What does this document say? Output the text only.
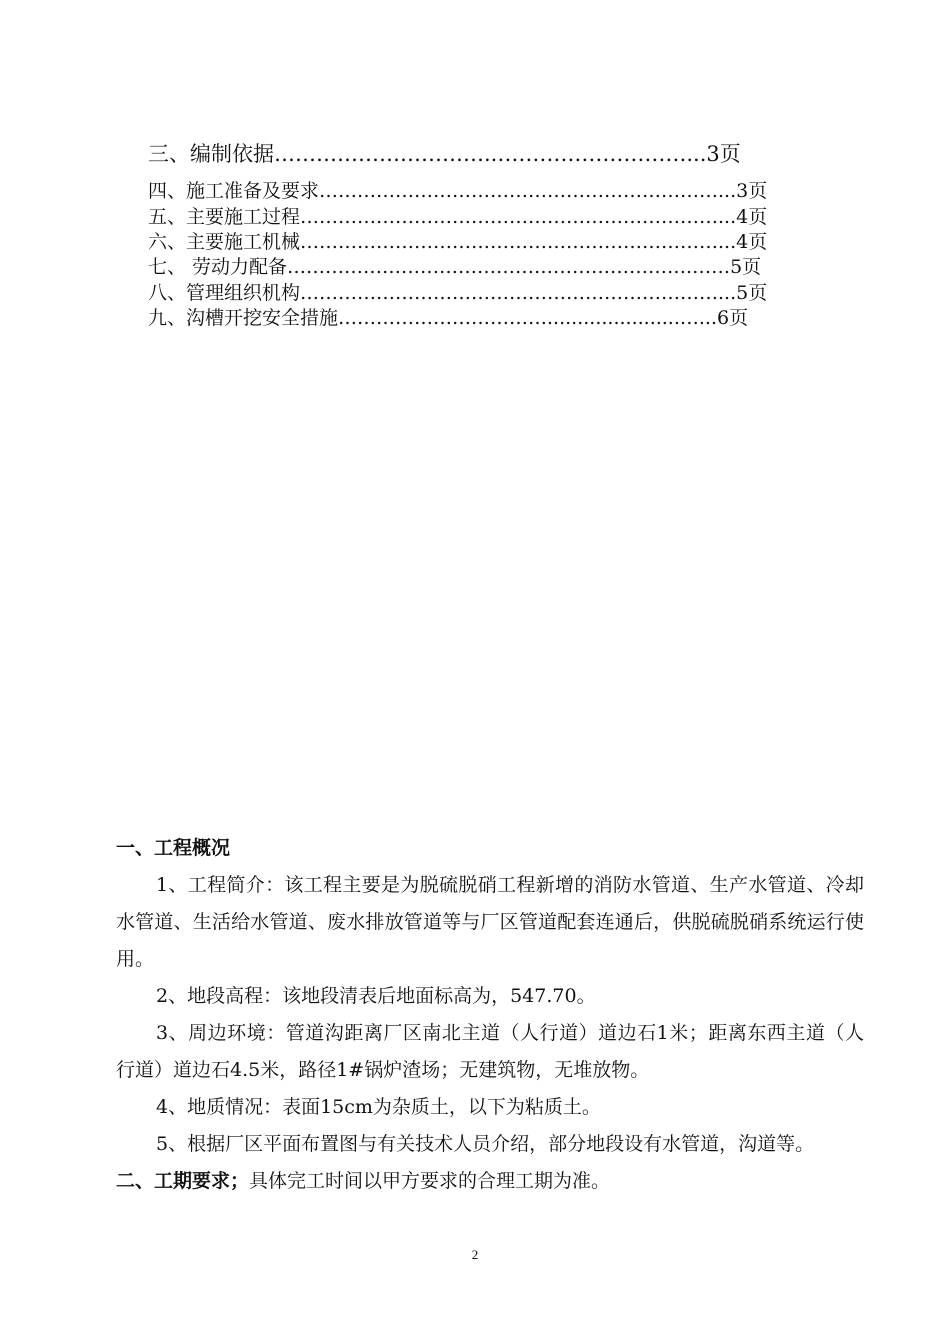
三、编制依据 …………………………..………………………... 3页
四、施工准备及要求 ………………………………………………………... 3页
五、主要施工过程 …………………………………………………………... 4页
六、主要施工机械 …………………………………………………………... 4页
七、 劳动力配备 ……………………………………………………….…… 5页
八、管理组织机构 …………………………………………………………... 5页
九、沟槽开挖安全措施 ……………………………......................…... 6页

一、工程概况

1、工程简介：该工程主要是为脱硫脱硝工程新增的消防水管道、生产水管道、冷却水管道、生活给水管道、废水排放管道等与厂区管道配套连通后，供脱硫脱硝系统运行使用。

2、地段高程：该地段清表后地面标高为，547.70。

3、周边环境：管道沟距离厂区南北主道（人行道）道边石1米；距离东西主道（人行道）道边石4.5米，路径1#锅炉渣场；无建筑物，无堆放物。

4、地质情况：表面15cm为杂质土，以下为粘质土。

5、根据厂区平面布置图与有关技术人员介绍，部分地段设有水管道，沟道等。

二、工期要求；具体完工时间以甲方要求的合理工期为准。

2
